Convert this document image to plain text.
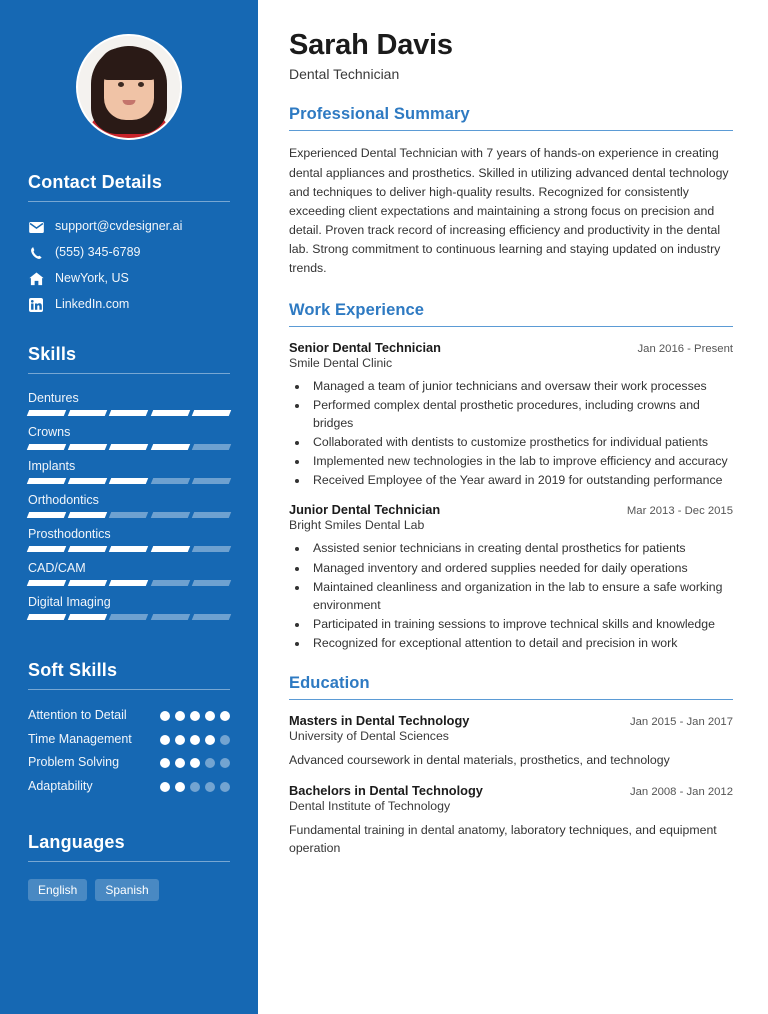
Contact Details
support@cvdesigner.ai
(555) 345-6789
NewYork, US
LinkedIn.com
Skills
Dentures
Crowns
Implants
Orthodontics
Prosthodontics
CAD/CAM
Digital Imaging
Soft Skills
Attention to Detail
Time Management
Problem Solving
Adaptability
Languages
English	Spanish
Sarah Davis
Dental Technician
Professional Summary

Experienced Dental Technician with 7 years of hands-on experience in creating dental appliances and prosthetics. Skilled in utilizing advanced dental technology and techniques to deliver high-quality results. Recognized for consistently exceeding client expectations and maintaining a strong focus on precision and detail. Proven track record of increasing efficiency and productivity in the dental lab. Strong commitment to continuous learning and staying updated on industry trends.

Work Experience
Senior Dental Technician	Jan 2016 - Present
Smile Dental Clinic
• Managed a team of junior technicians and oversaw their work processes
• Performed complex dental prosthetic procedures, including crowns and bridges
• Collaborated with dentists to customize prosthetics for individual patients
• Implemented new technologies in the lab to improve efficiency and accuracy
• Received Employee of the Year award in 2019 for outstanding performance
Junior Dental Technician	Mar 2013 - Dec 2015
Bright Smiles Dental Lab
• Assisted senior technicians in creating dental prosthetics for patients
• Managed inventory and ordered supplies needed for daily operations
• Maintained cleanliness and organization in the lab to ensure a safe working environment
• Participated in training sessions to improve technical skills and knowledge
• Recognized for exceptional attention to detail and precision in work
Education
Masters in Dental Technology	Jan 2015 - Jan 2017
University of Dental Sciences
Advanced coursework in dental materials, prosthetics, and technology
Bachelors in Dental Technology	Jan 2008 - Jan 2012
Dental Institute of Technology
Fundamental training in dental anatomy, laboratory techniques, and equipment operation
